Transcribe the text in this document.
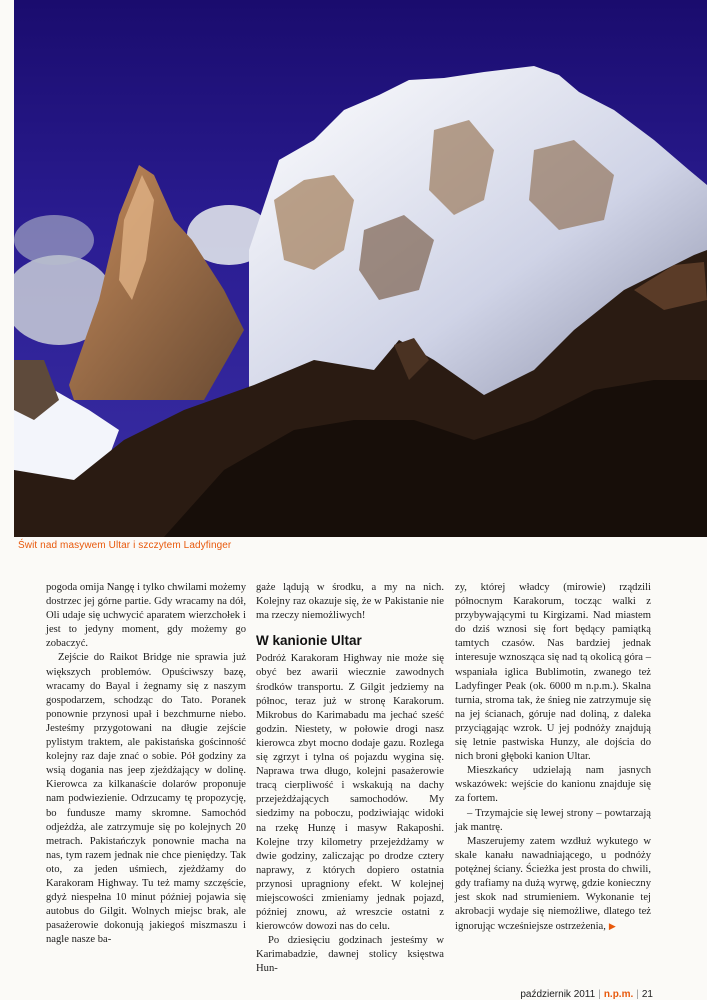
Świt nad masywem Ultar i szczytem Ladyfinger

pogoda omija Nangę i tylko chwilami możemy dostrzec jej górne partie. Gdy wracamy na dół, Oli udaje się uchwycić aparatem wierzchołek i jest to jedyny moment, gdy możemy go zobaczyć.

Zejście do Raikot Bridge nie sprawia już większych problemów. Opuściwszy bazę, wracamy do Bayal i żegnamy się z naszym gospodarzem, schodząc do Tato. Poranek ponownie przynosi upał i bezchmurne niebo. Jesteśmy przygotowani na długie zejście pylistym traktem, ale pakistańska gościnność kolejny raz daje znać o sobie. Pół godziny za wsią dogania nas jeep zjeżdżający w dolinę. Kierowca za kilkanaście dolarów proponuje nam podwiezienie. Odrzucamy tę propozycję, bo fundusze mamy skromne. Samochód odjeżdża, ale zatrzymuje się po kolejnych 20 metrach. Pakistańczyk ponownie macha na nas, tym razem jednak nie chce pieniędzy. Tak oto, za jeden uśmiech, zjeżdżamy do Karakoram Highway. Tu też mamy szczęście, gdyż niespełna 10 minut później pojawia się autobus do Gilgit. Wolnych miejsc brak, ale pasażerowie dokonują jakiegoś miszmaszu i nagle nasze ba-

gaże lądują w środku, a my na nich. Kolejny raz okazuje się, że w Pakistanie nie ma rzeczy niemożliwych!

W kanionie Ultar

Podróż Karakoram Highway nie może się obyć bez awarii wiecznie zawodnych środków transportu. Z Gilgit jedziemy na północ, teraz już w stronę Karakorum. Mikrobus do Karimabadu ma jechać sześć godzin. Niestety, w połowie drogi nasz kierowca zbyt mocno dodaje gazu. Rozlega się zgrzyt i tylna oś pojazdu wygina się. Naprawa trwa długo, kolejni pasażerowie tracą cierpliwość i wskakują na dachy przejeżdżających samochodów. My siedzimy na poboczu, podziwiając widoki na rzekę Hunzę i masyw Rakaposhi. Kolejne trzy kilometry przejeżdżamy w dwie godziny, zaliczając po drodze cztery naprawy, z których dopiero ostatnia przynosi upragniony efekt. W kolejnej miejscowości zmieniamy jednak pojazd, później znowu, aż wreszcie ostatni z kierowców dowozi nas do celu.

Po dziesięciu godzinach jesteśmy w Karimabadzie, dawnej stolicy księstwa Hun-

zy, której władcy (mirowie) rządzili północnym Karakorum, tocząc walki z przybywającymi tu Kirgizami. Nad miastem do dziś wznosi się fort będący pamiątką tamtych czasów. Nas bardziej jednak interesuje wznosząca się nad tą okolicą góra – wspaniała iglica Bublimotin, zwanego też Ladyfinger Peak (ok. 6000 m n.p.m.). Skalna turnia, stroma tak, że śnieg nie zatrzymuje się na jej ścianach, góruje nad doliną, z daleka przyciągając wzrok. U jej podnóży znajdują się letnie pastwiska Hunzy, ale dojścia do nich broni głęboki kanion Ultar.

Mieszkańcy udzielają nam jasnych wskazówek: wejście do kanionu znajduje się za fortem.

– Trzymajcie się lewej strony – powtarzają jak mantrę.

Maszerujemy zatem wzdłuż wykutego w skale kanału nawadniającego, u podnóży potężnej ściany. Ścieżka jest prosta do chwili, gdy trafiamy na dużą wyrwę, gdzie konieczny jest skok nad strumieniem. Wykonanie tej akrobacji wydaje się niemożliwe, dlatego też ignorując wcześniejsze ostrzeżenia, ▶

październik 2011 | n.p.m. | 21
